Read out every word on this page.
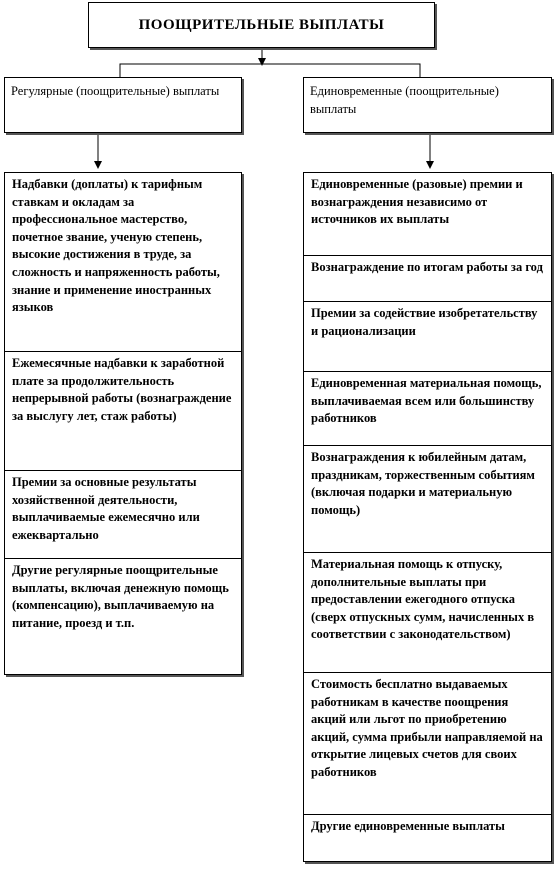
ПООЩРИТЕЛЬНЫЕ ВЫПЛАТЫ
Регулярные (поощрительные) выплаты	Единовременные (поощрительные) выплаты
Надбавки (доплаты) к тарифным ставкам и окладам за профессиональное мастерство, почетное звание, ученую степень, высокие достижения в труде, за сложность и напряженность работы, знание и применение иностранных языков
Ежемесячные надбавки к заработной плате за продолжительность непрерывной работы (вознаграждение за выслугу лет, стаж работы)
Премии за основные результаты хозяйственной деятельности, выплачиваемые ежемесячно или ежеквартально
Другие регулярные поощрительные выплаты, включая денежную помощь (компенсацию), выплачиваемую на питание, проезд и т.п.
Единовременные (разовые) премии и вознаграждения независимо от источников их выплаты
Вознаграждение по итогам работы за год
Премии за содействие изобретательству и рационализации
Единовременная материальная помощь, выплачиваемая всем или большинству работников
Вознаграждения к юбилейным датам, праздникам, торжественным событиям (включая подарки и материальную помощь)
Материальная помощь к отпуску, дополнительные выплаты при предоставлении ежегодного отпуска (сверх отпускных сумм, начисленных в соответствии с законодательством)
Стоимость бесплатно выдаваемых работникам в качестве поощрения акций или льгот по приобретению акций, сумма прибыли направляемой на открытие лицевых счетов для своих работников
Другие единовременные выплаты
